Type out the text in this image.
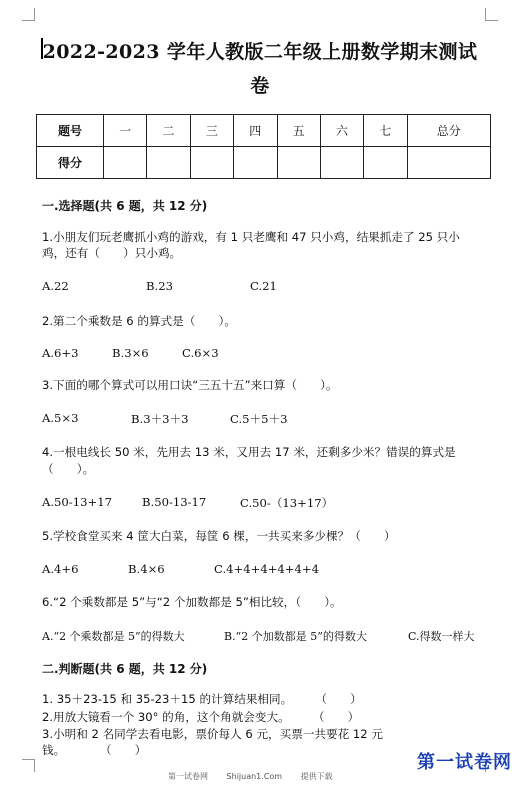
2022-2023 学年人教版二年级上册数学期末测试
卷
题号	一	二	三	四	五	六	七	总分
得分								
一.选择题(共 6 题，共 12 分)
1.小朋友们玩老鹰抓小鸡的游戏，有 1 只老鹰和 47 只小鸡，结果抓走了 25 只小
鸡，还有（　　）只小鸡。
A.22	B.23	C.21
2.第二个乘数是 6 的算式是（　　）。
A.6+3	B.3×6	C.6×3
3.下面的哪个算式可以用口诀“三五十五”来口算（　　）。
A.5×3	B.3＋3＋3	C.5＋5＋3
4.一根电线长 50 米，先用去 13 米，又用去 17 米，还剩多少米？错误的算式是
（　　）。
A.50-13+17	B.50-13-17	C.50-（13+17）
5.学校食堂买来 4 筐大白菜，每筐 6 棵，一共买来多少棵？（　　）
A.4+6	B.4×6	C.4+4+4+4+4+4
6.“2 个乘数都是 5”与“2 个加数都是 5”相比较，（　　）。
A.“2 个乘数都是 5”的得数大	B.“2 个加数都是 5”的得数大	C.得数一样大
二.判断题(共 6 题，共 12 分)
1. 35＋23-15 和 35-23＋15 的计算结果相同。　　　（　　）
2.用放大镜看一个 30° 的角，这个角就会变大。　　　（　　）
3.小明和 2 名同学去看电影，票价每人 6 元，买票一共要花 12 元
钱。　　　　（　　）
第一试卷网 Shijuan1.Com 提供下载
第一试卷网
